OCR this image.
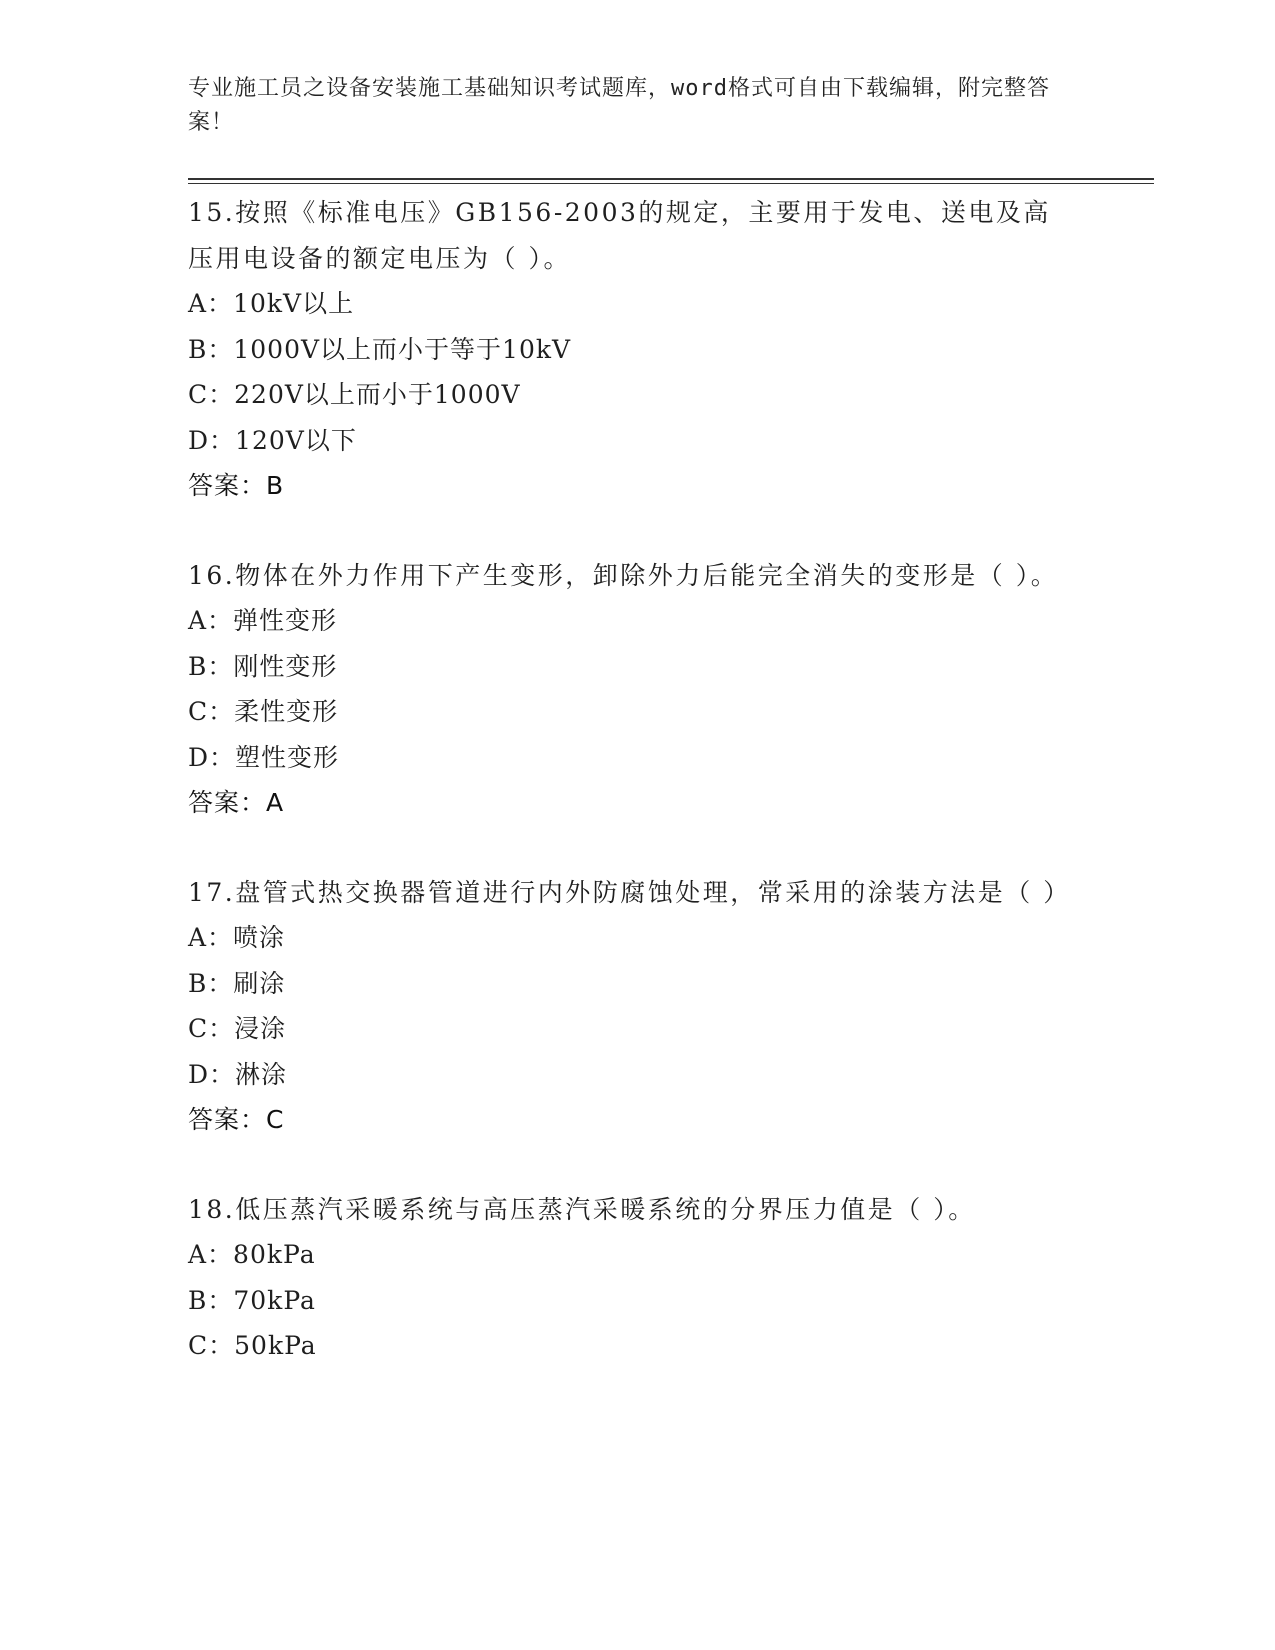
专业施工员之设备安装施工基础知识考试题库，word格式可自由下载编辑，附完整答案！

15.按照《标准电压》GB156-2003的规定，主要用于发电、送电及高压用电设备的额定电压为（ ）。

A：10kV以上

B：1000V以上而小于等于10kV

C：220V以上而小于1000V

D：120V以下

答案：B

16.物体在外力作用下产生变形，卸除外力后能完全消失的变形是（ ）。

A：弹性变形

B：刚性变形

C：柔性变形

D：塑性变形

答案：A

17.盘管式热交换器管道进行内外防腐蚀处理，常采用的涂装方法是（ ）

A：喷涂

B：刷涂

C：浸涂

D：淋涂

答案：C

18.低压蒸汽采暖系统与高压蒸汽采暖系统的分界压力值是（ ）。

A：80kPa

B：70kPa

C：50kPa
